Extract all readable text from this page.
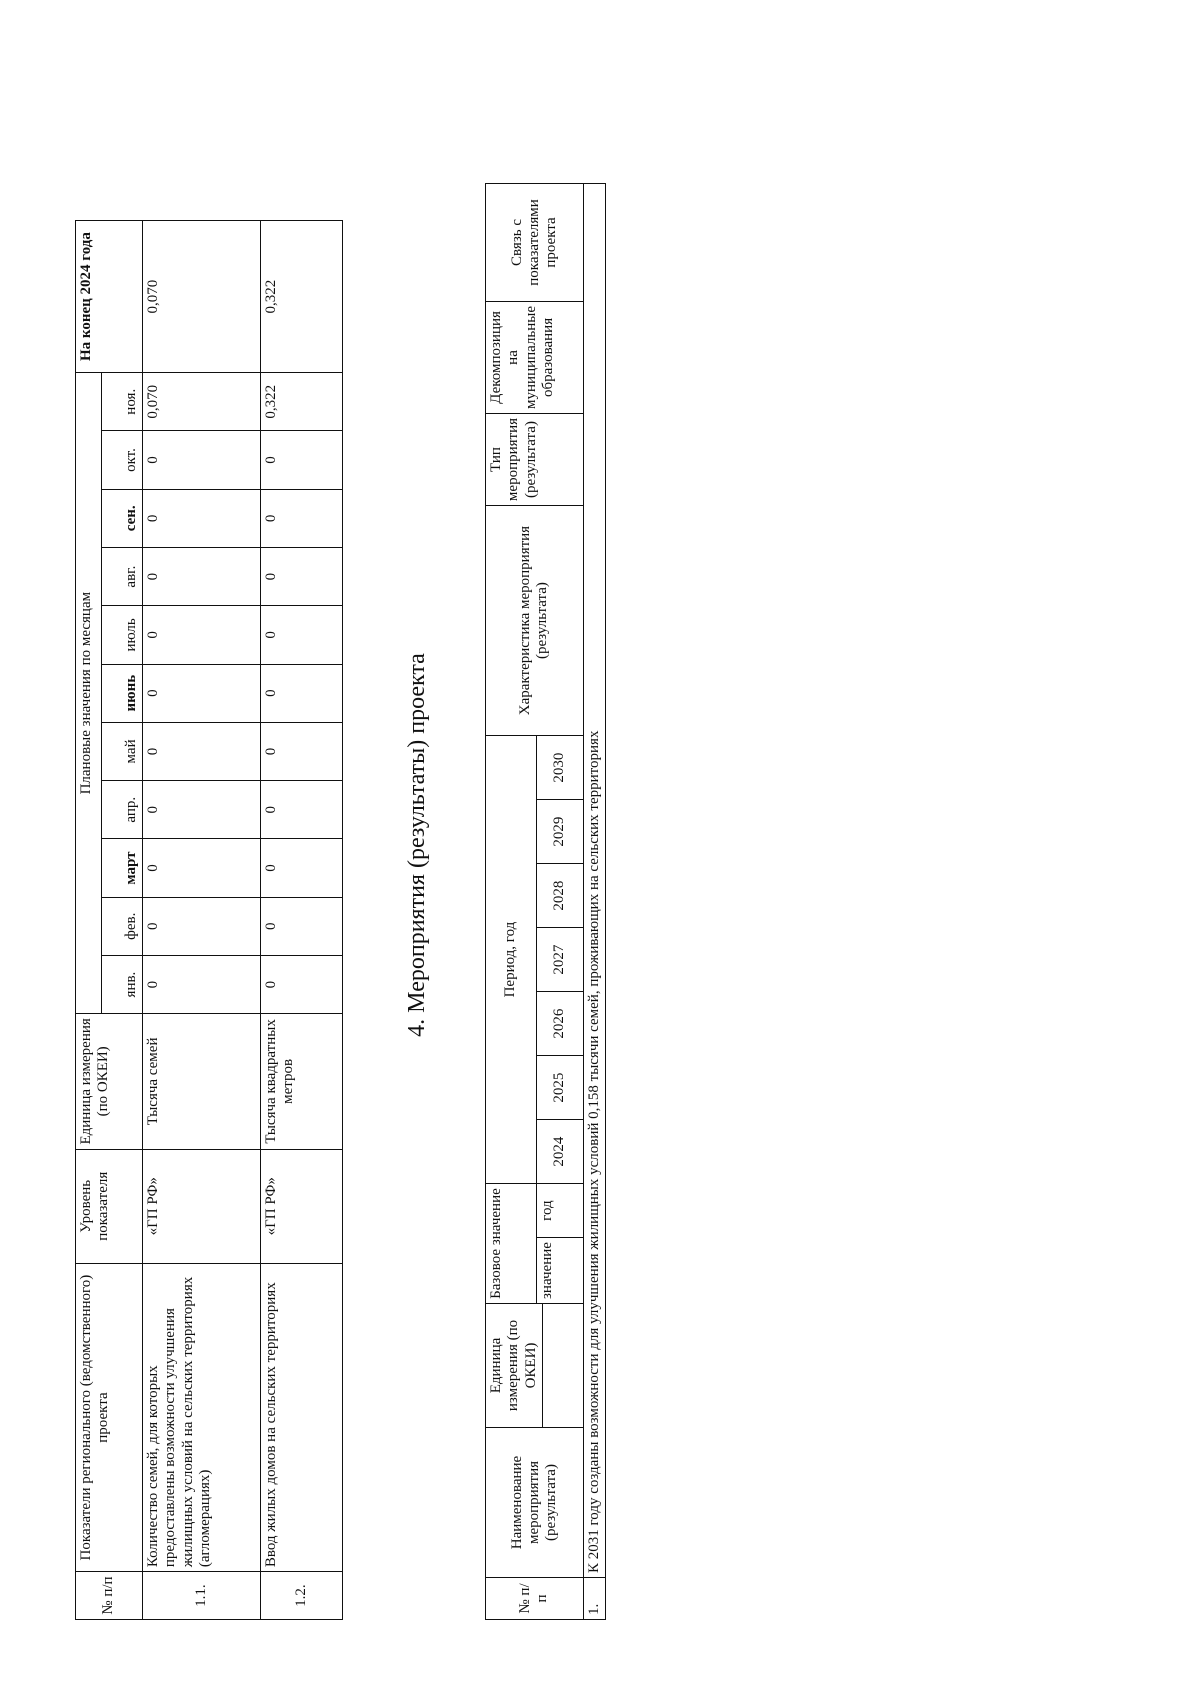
№ п/п	Показатели регионального (ведомственного) проекта	Уровень показателя	Единица измерения (по ОКЕИ)	Плановые значения по месяцам											На конец 2024 года
				янв.	фев.	март	апр.	май	июнь	июль	авг.	сен.	окт.	ноя.	
1.1.	Количество семей, для которых предоставлены возможности улучшения жилищных условий на сельских территориях (агломерациях)	«ГП РФ»	Тысяча семей	0	0	0	0	0	0	0	0	0	0	0,070	0,070
1.2.	Ввод жилых домов на сельских территориях	«ГП РФ»	Тысяча квадратных метров	0	0	0	0	0	0	0	0	0	0	0,322	0,322
4. Мероприятия (результаты) проекта
№ п/п	Наименование мероприятия (результата)	Единица измерения (по ОКЕИ)	Базовое значение		Период, год							Характеристика мероприятия (результата)	Тип мероприятия (результата)	Декомпозиция на муниципальные образования	Связь с показателями проекта	
			значение	год	2024	2025	2026	2027	2028	2029	2030					

1.	К 2031 году созданы возможности для улучшения жилищных условий 0,158 тысячи семей, проживающих на сельских территориях															
